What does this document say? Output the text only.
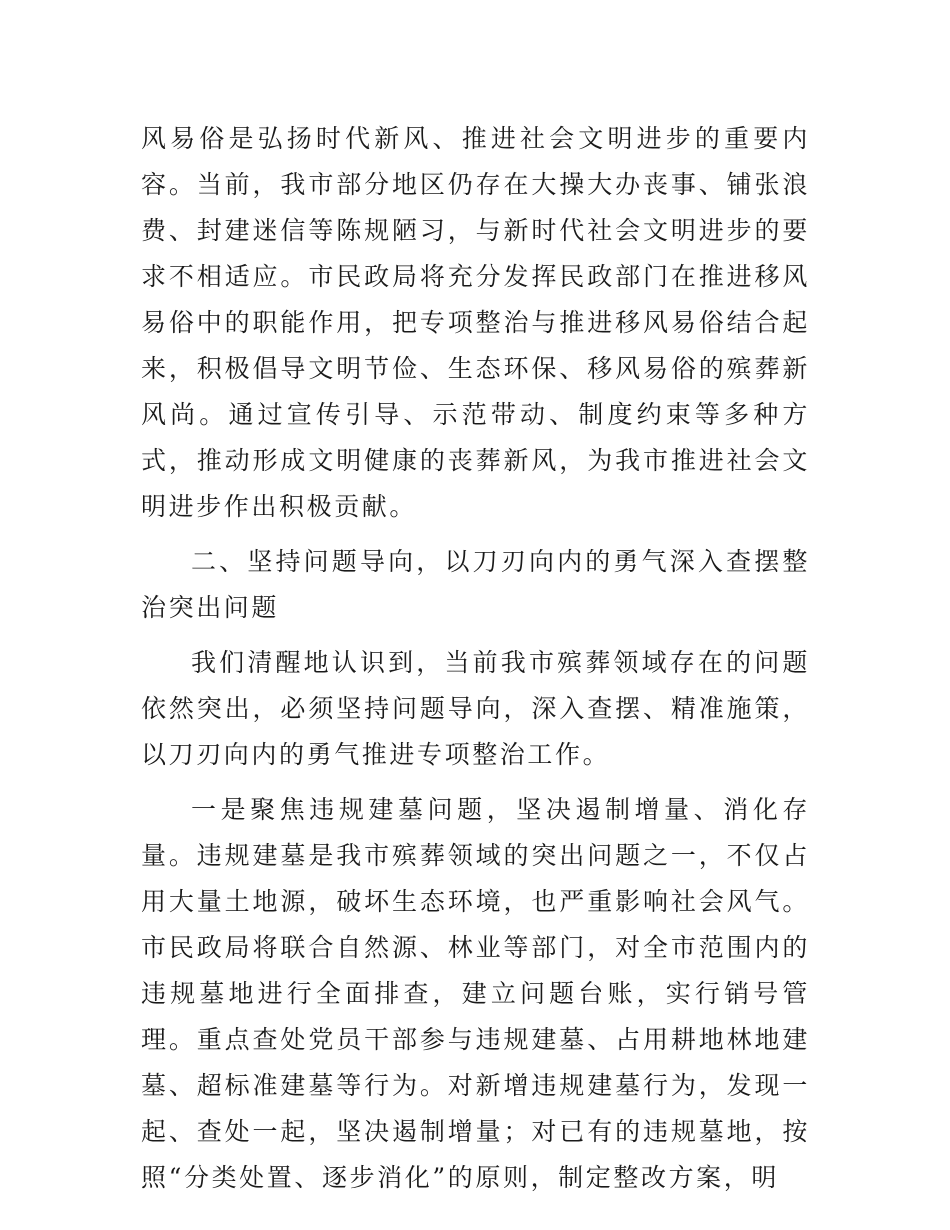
风易俗是弘扬时代新风、推进社会文明进步的重要内容。当前，我市部分地区仍存在大操大办丧事、铺张浪费、封建迷信等陈规陋习，与新时代社会文明进步的要求不相适应。市民政局将充分发挥民政部门在推进移风易俗中的职能作用，把专项整治与推进移风易俗结合起来，积极倡导文明节俭、生态环保、移风易俗的殡葬新风尚。通过宣传引导、示范带动、制度约束等多种方式，推动形成文明健康的丧葬新风，为我市推进社会文明进步作出积极贡献。

二、坚持问题导向，以刀刃向内的勇气深入查摆整治突出问题

我们清醒地认识到，当前我市殡葬领域存在的问题依然突出，必须坚持问题导向，深入查摆、精准施策，以刀刃向内的勇气推进专项整治工作。

一是聚焦违规建墓问题，坚决遏制增量、消化存量。违规建墓是我市殡葬领域的突出问题之一，不仅占用大量土地源，破坏生态环境，也严重影响社会风气。市民政局将联合自然源、林业等部门，对全市范围内的违规墓地进行全面排查，建立问题台账，实行销号管理。重点查处党员干部参与违规建墓、占用耕地林地建墓、超标准建墓等行为。对新增违规建墓行为，发现一起、查处一起，坚决遏制增量；对已有的违规墓地，按照“分类处置、逐步消化”的原则，制定整改方案，明
